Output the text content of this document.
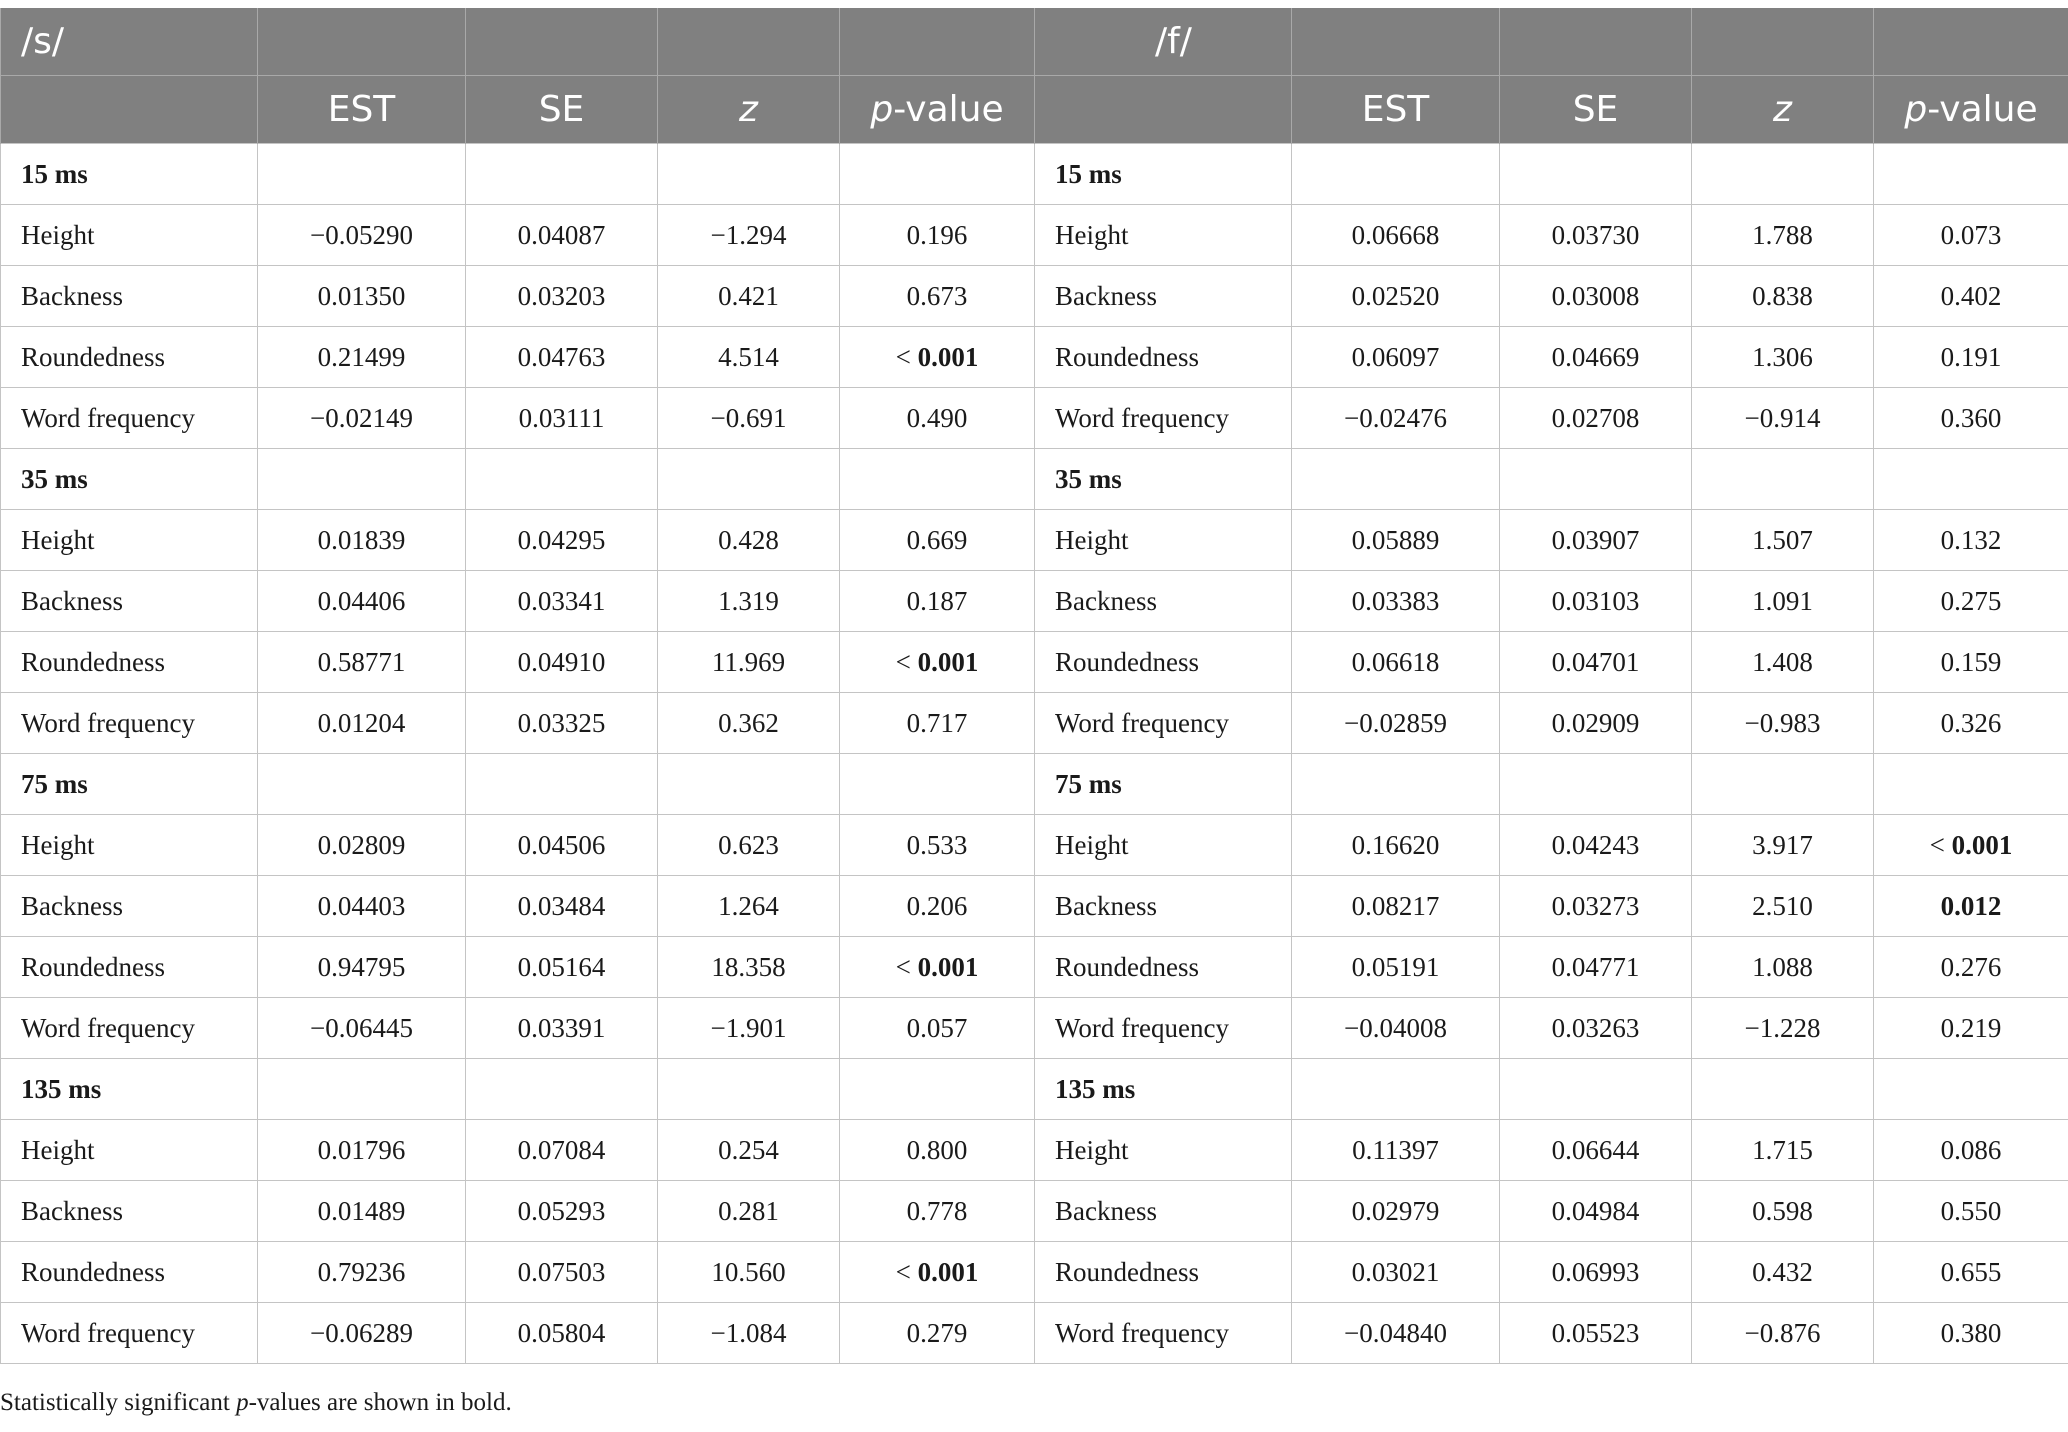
/s/					/f/				
	EST	SE	z	p-value		EST	SE	z	p-value
15 ms					15 ms				
Height	−0.05290	0.04087	−1.294	0.196	Height	0.06668	0.03730	1.788	0.073
Backness	0.01350	0.03203	0.421	0.673	Backness	0.02520	0.03008	0.838	0.402
Roundedness	0.21499	0.04763	4.514	< 0.001	Roundedness	0.06097	0.04669	1.306	0.191
Word frequency	−0.02149	0.03111	−0.691	0.490	Word frequency	−0.02476	0.02708	−0.914	0.360
35 ms					35 ms				
Height	0.01839	0.04295	0.428	0.669	Height	0.05889	0.03907	1.507	0.132
Backness	0.04406	0.03341	1.319	0.187	Backness	0.03383	0.03103	1.091	0.275
Roundedness	0.58771	0.04910	11.969	< 0.001	Roundedness	0.06618	0.04701	1.408	0.159
Word frequency	0.01204	0.03325	0.362	0.717	Word frequency	−0.02859	0.02909	−0.983	0.326
75 ms					75 ms				
Height	0.02809	0.04506	0.623	0.533	Height	0.16620	0.04243	3.917	< 0.001
Backness	0.04403	0.03484	1.264	0.206	Backness	0.08217	0.03273	2.510	0.012
Roundedness	0.94795	0.05164	18.358	< 0.001	Roundedness	0.05191	0.04771	1.088	0.276
Word frequency	−0.06445	0.03391	−1.901	0.057	Word frequency	−0.04008	0.03263	−1.228	0.219
135 ms					135 ms				
Height	0.01796	0.07084	0.254	0.800	Height	0.11397	0.06644	1.715	0.086
Backness	0.01489	0.05293	0.281	0.778	Backness	0.02979	0.04984	0.598	0.550
Roundedness	0.79236	0.07503	10.560	< 0.001	Roundedness	0.03021	0.06993	0.432	0.655
Word frequency	−0.06289	0.05804	−1.084	0.279	Word frequency	−0.04840	0.05523	−0.876	0.380
Statistically significant p-values are shown in bold.
